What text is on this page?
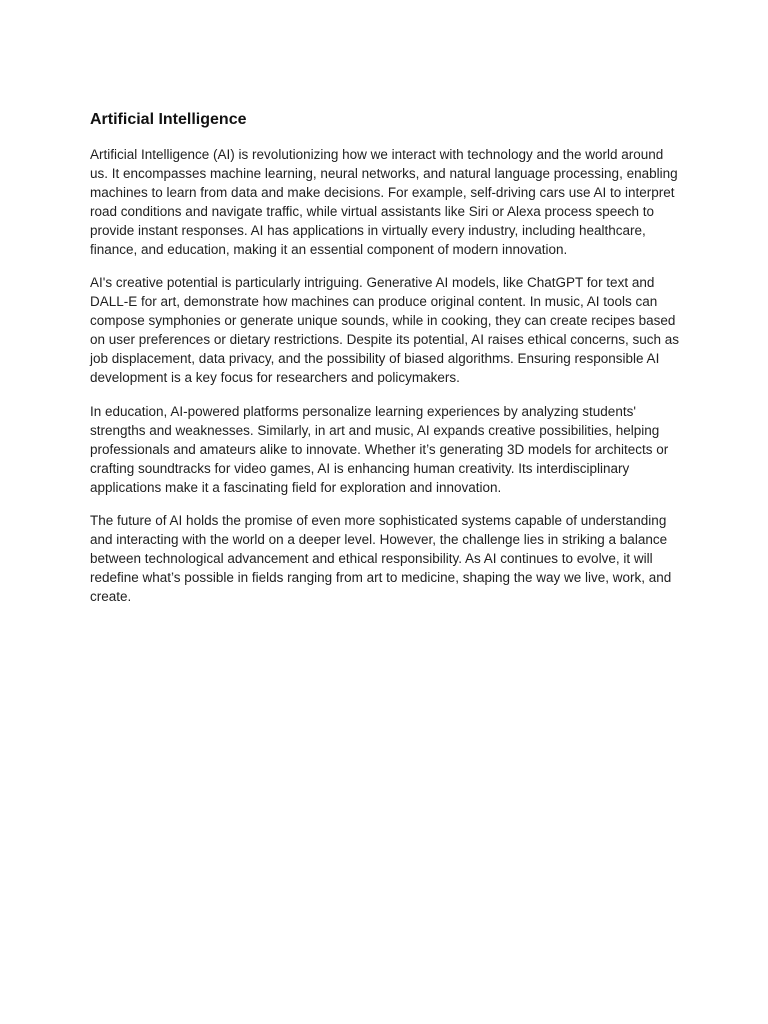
Artificial Intelligence

Artificial Intelligence (AI) is revolutionizing how we interact with technology and the world around us. It encompasses machine learning, neural networks, and natural language processing, enabling machines to learn from data and make decisions. For example, self-driving cars use AI to interpret road conditions and navigate traffic, while virtual assistants like Siri or Alexa process speech to provide instant responses. AI has applications in virtually every industry, including healthcare, finance, and education, making it an essential component of modern innovation.

AI's creative potential is particularly intriguing. Generative AI models, like ChatGPT for text and DALL-E for art, demonstrate how machines can produce original content. In music, AI tools can compose symphonies or generate unique sounds, while in cooking, they can create recipes based on user preferences or dietary restrictions. Despite its potential, AI raises ethical concerns, such as job displacement, data privacy, and the possibility of biased algorithms. Ensuring responsible AI development is a key focus for researchers and policymakers.

In education, AI-powered platforms personalize learning experiences by analyzing students' strengths and weaknesses. Similarly, in art and music, AI expands creative possibilities, helping professionals and amateurs alike to innovate. Whether it’s generating 3D models for architects or crafting soundtracks for video games, AI is enhancing human creativity. Its interdisciplinary applications make it a fascinating field for exploration and innovation.

The future of AI holds the promise of even more sophisticated systems capable of understanding and interacting with the world on a deeper level. However, the challenge lies in striking a balance between technological advancement and ethical responsibility. As AI continues to evolve, it will redefine what’s possible in fields ranging from art to medicine, shaping the way we live, work, and create.
